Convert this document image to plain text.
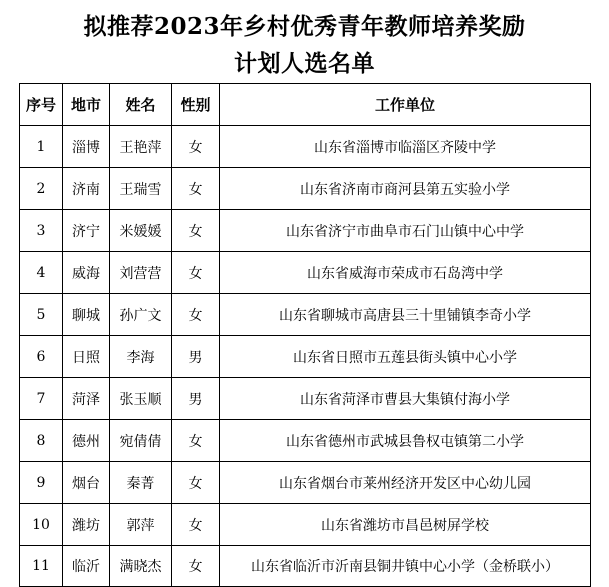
拟推荐2023年乡村优秀青年教师培养奖励
计划人选名单
序号	地市	姓名	性别	工作单位
1	淄博	王艳萍	女	山东省淄博市临淄区齐陵中学
2	济南	王瑞雪	女	山东省济南市商河县第五实验小学
3	济宁	米媛媛	女	山东省济宁市曲阜市石门山镇中心中学
4	威海	刘营营	女	山东省威海市荣成市石岛湾中学
5	聊城	孙广文	女	山东省聊城市高唐县三十里铺镇李奇小学
6	日照	李海	男	山东省日照市五莲县街头镇中心小学
7	菏泽	张玉顺	男	山东省菏泽市曹县大集镇付海小学
8	德州	宛倩倩	女	山东省德州市武城县鲁权屯镇第二小学
9	烟台	秦菁	女	山东省烟台市莱州经济开发区中心幼儿园
10	潍坊	郭萍	女	山东省潍坊市昌邑树屏学校
11	临沂	满晓杰	女	山东省临沂市沂南县铜井镇中心小学（金桥联小）
